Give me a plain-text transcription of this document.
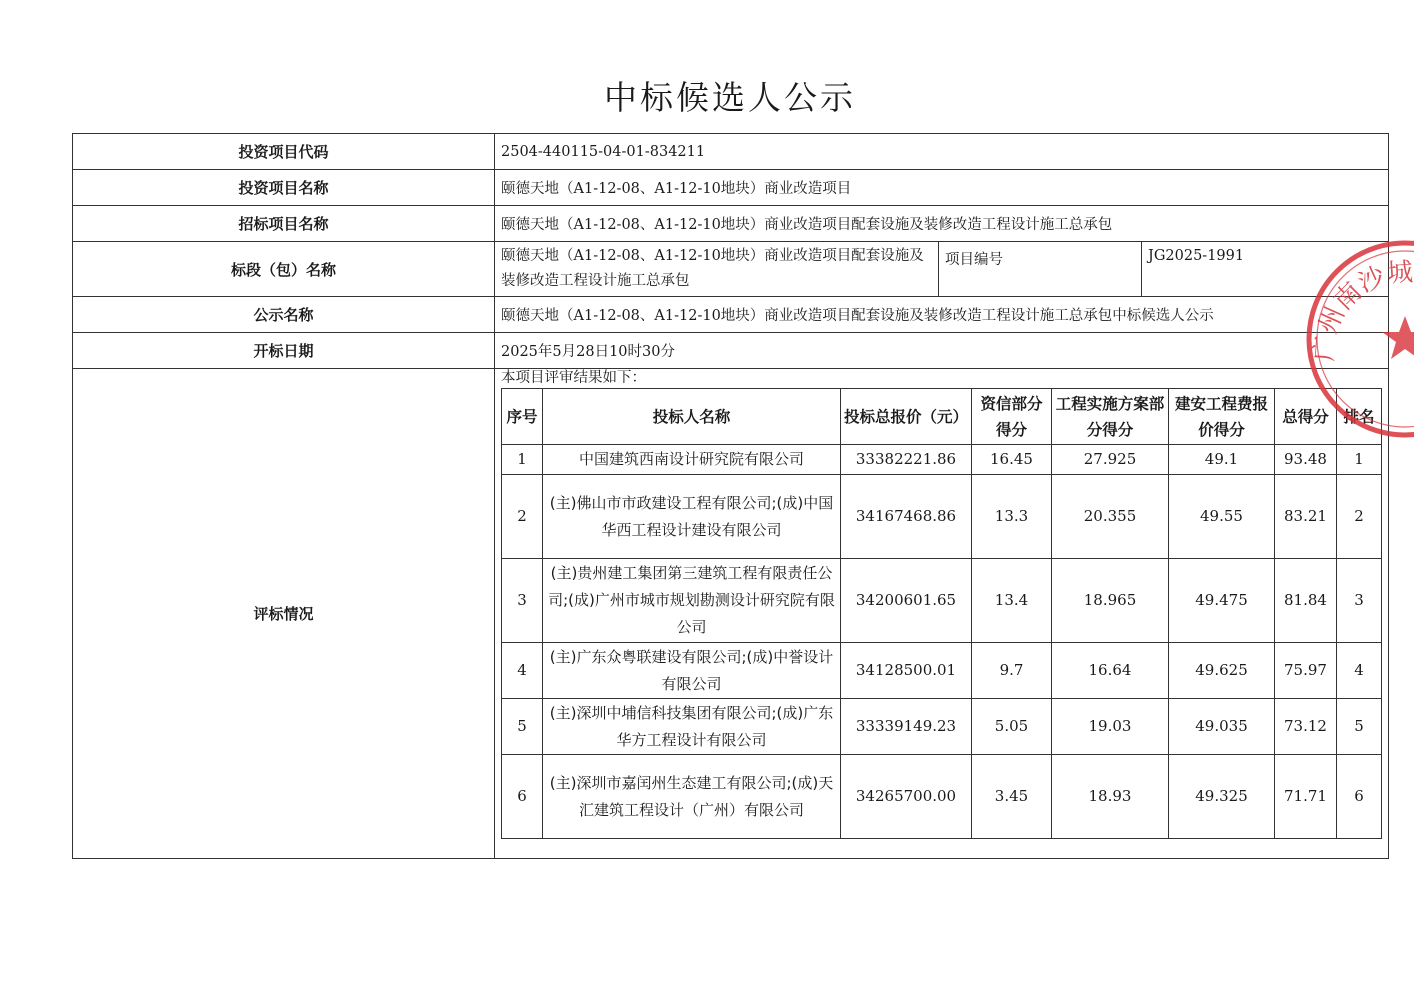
中标候选人公示
投资项目代码	2504-440115-04-01-834211
投资项目名称	颐德天地（A1-12-08、A1-12-10地块）商业改造项目
招标项目名称	颐德天地（A1-12-08、A1-12-10地块）商业改造项目配套设施及装修改造工程设计施工总承包
标段（包）名称	颐德天地（A1-12-08、A1-12-10地块）商业改造项目配套设施及装修改造工程设计施工总承包	项目编号	JG2025-1991
公示名称	颐德天地（A1-12-08、A1-12-10地块）商业改造项目配套设施及装修改造工程设计施工总承包中标候选人公示
开标日期	2025年5月28日10时30分
评标情况	
本项目评审结果如下：
序号	投标人名称	投标总报价（元）	资信部分得分	工程实施方案部分得分	建安工程费报价得分	总得分	排名
1	中国建筑西南设计研究院有限公司	33382221.86	16.45	27.925	49.1	93.48	1
2	(主)佛山市市政建设工程有限公司;(成)中国华西工程设计建设有限公司	34167468.86	13.3	20.355	49.55	83.21	2
3	(主)贵州建工集团第三建筑工程有限责任公司;(成)广州市城市规划勘测设计研究院有限公司	34200601.65	13.4	18.965	49.475	81.84	3
4	(主)广东众粤联建设有限公司;(成)中誉设计有限公司	34128500.01	9.7	16.64	49.625	75.97	4
5	(主)深圳中埔信科技集团有限公司;(成)广东华方工程设计有限公司	33339149.23	5.05	19.03	49.035	73.12	5
6	(主)深圳市嘉闰州生态建工有限公司;(成)天汇建筑工程设计（广州）有限公司	34265700.00	3.45	18.93	49.325	71.71	6
广州南沙城
